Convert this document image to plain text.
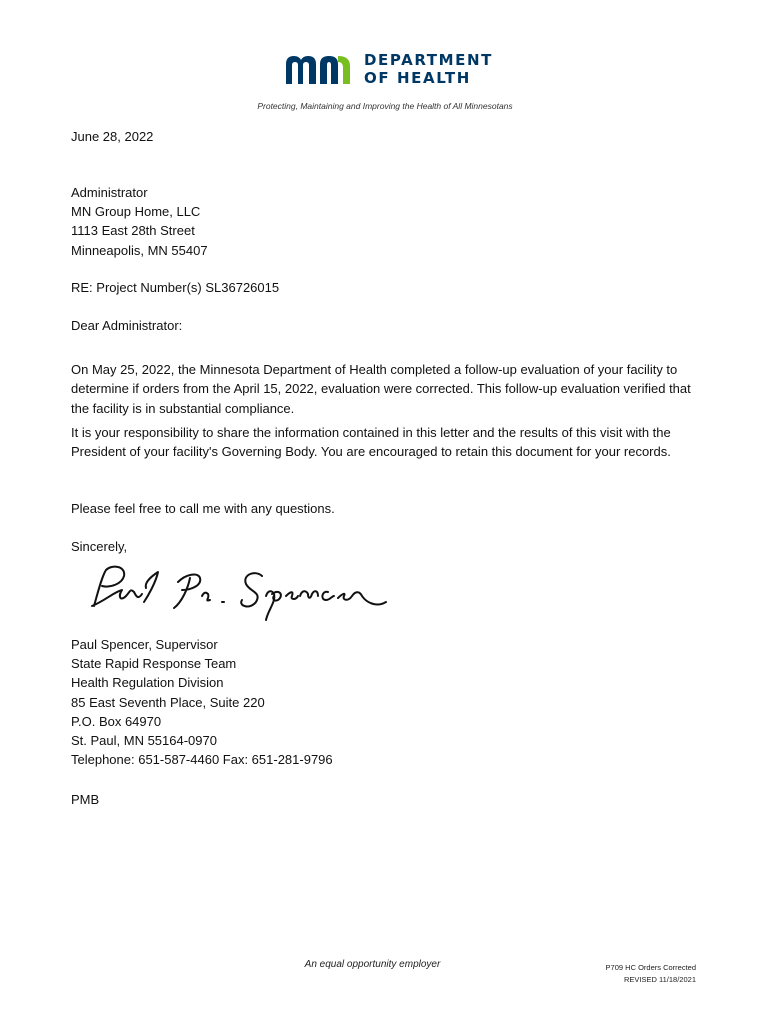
DEPARTMENT
OF HEALTH
Protecting, Maintaining and Improving the Health of All Minnesotans
June 28, 2022
Administrator
MN Group Home, LLC
1113 East 28th Street
Minneapolis, MN 55407
RE: Project Number(s) SL36726015
Dear Administrator:
On May 25, 2022, the Minnesota Department of Health completed a follow-up evaluation of your facility to determine if orders from the April 15, 2022, evaluation were corrected. This follow-up evaluation verified that the facility is in substantial compliance.
It is your responsibility to share the information contained in this letter and the results of this visit with the President of your facility's Governing Body. You are encouraged to retain this document for your records.
Please feel free to call me with any questions.
Sincerely,
Paul Spencer, Supervisor
State Rapid Response Team
Health Regulation Division
85 East Seventh Place, Suite 220
P.O. Box 64970
St. Paul, MN 55164-0970
Telephone: 651-587-4460 Fax: 651-281-9796
PMB
An equal opportunity employer	P709 HC Orders Corrected
REVISED 11/18/2021
